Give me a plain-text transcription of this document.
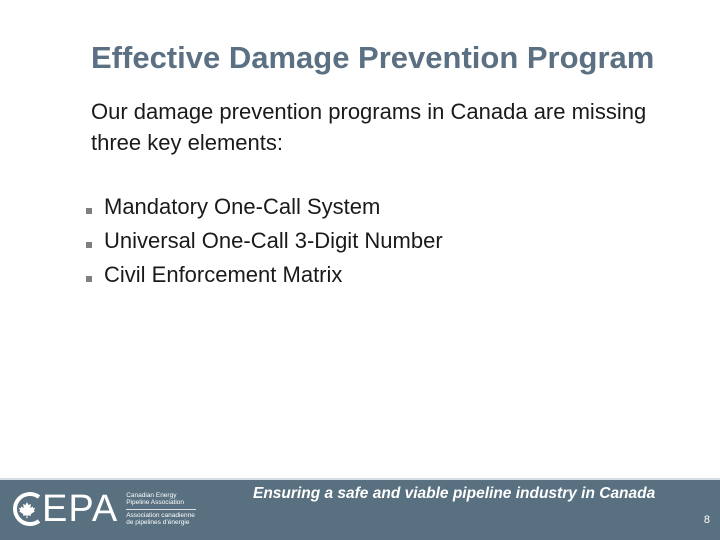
Effective Damage Prevention Program
Our damage prevention programs in Canada are missing three key elements:
Mandatory One-Call System
Universal One-Call 3-Digit Number
Civil Enforcement Matrix
EPA Canadian Energy
Pipeline Association
Association canadienne
de pipelines d’énergie
Ensuring a safe and viable pipeline industry in Canada
8
